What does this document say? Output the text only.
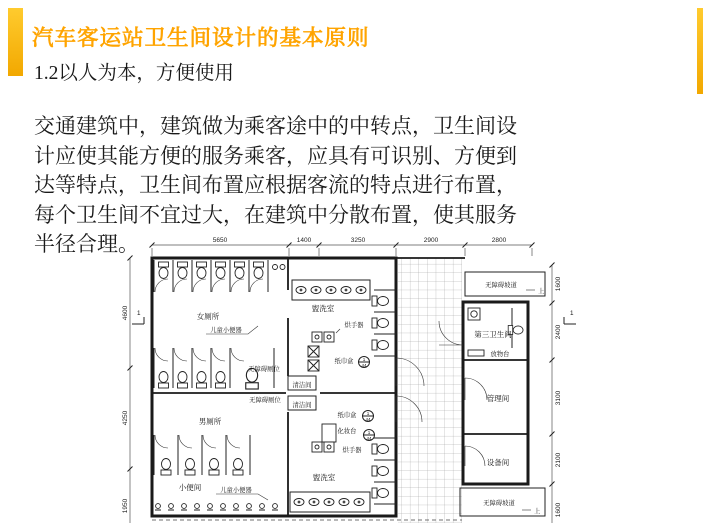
汽车客运站卫生间设计的基本原则
1.2以人为本，方便使用
交通建筑中，建筑做为乘客途中的中转点，卫生间设
计应使其能方便的服务乘客，应具有可识别、方便到
达等特点，卫生间布置应根据客流的特点进行布置，
每个卫生间不宜过大，在建筑中分散布置，使其服务
半径合理。	5650	1400	3250	2900	2800
4600
4250
1950
1600
2400
3100
2100
1600
1	1
女厕所
儿童小便器
无障碍厕位
无障碍厕位
男厕所
小便间	儿童小便器
盥洗室
烘手器
纸巾盒 1
44
清洁间
清洁间
纸巾盒 1
44
化妆台 1
44
烘手器
盥洗室
无障碍坡道
上
第三卫生间
放物台
管理间
设备间
无障碍坡道
上
